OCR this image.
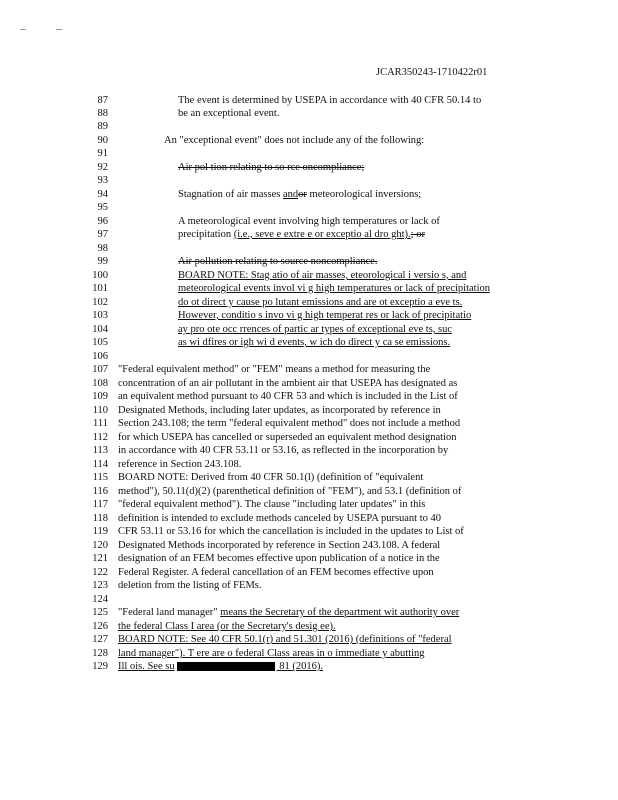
JCAR350243-1710422r01
87	The event is determined by USEPA in accordance with 40 CFR 50.14 to
88	be an exceptional event.
89
90	An "exceptional event" does not include any of the following:
91
92	Air pol tion relating to so rce oncompliance;
93
94	Stagnation of air masses andor meteorological inversions;
95
96	A meteorological event involving high temperatures or lack of
97	precipitation (i.e., seve e extre e or exceptio al dro ght).; or
98
99	Air pollution relating to source noncompliance.
100	BOARD NOTE: Stag atio of air masses, eteorological i versio s, and
101	meteorological events invol vi g high temperatures or lack of precipitation
102	do ot direct y cause po lutant emissions and are ot exceptio a eve ts.
103	However, conditio s invo vi g high temperat res or lack of precipitatio
104	ay pro ote occ rrences of partic ar types of exceptional eve ts, suc
105	as wi dfires or igh wi d events, w ich do direct y ca se emissions.
106
107 "Federal equivalent method" or "FEM" means a method for measuring the
108 concentration of an air pollutant in the ambient air that USEPA has designated as
109 an equivalent method pursuant to 40 CFR 53 and which is included in the List of
110 Designated Methods, including later updates, as incorporated by reference in
111 Section 243.108; the term "federal equivalent method" does not include a method
112 for which USEPA has cancelled or superseded an equivalent method designation
113 in accordance with 40 CFR 53.11 or 53.16, as reflected in the incorporation by
114 reference in Section 243.108.
115 BOARD NOTE: Derived from 40 CFR 50.1(l) (definition of "equivalent
116 method"), 50.11(d)(2) (parenthetical definition of "FEM"), and 53.1 (definition of
117 "federal equivalent method"). The clause "including later updates" in this
118 definition is intended to exclude methods canceled by USEPA pursuant to 40
119 CFR 53.11 or 53.16 for which the cancellation is included in the updates to List of
120 Designated Methods incorporated by reference in Section 243.108. A federal
121 designation of an FEM becomes effective upon publication of a notice in the
122 Federal Register. A federal cancellation of an FEM becomes effective upon
123 deletion from the listing of FEMs.
124
125 "Federal land manager" means the Secretary of the department wit authority over
126 the federal Class I area (or the Secretary's desig ee).
127 BOARD NOTE: See 40 CFR 50.1(r) and 51.301 (2016) (definitions of "federal
128 land manager"). T ere are o federal Class areas in o immediate y abutting
129 Ill ois. See su	81 (2016).
